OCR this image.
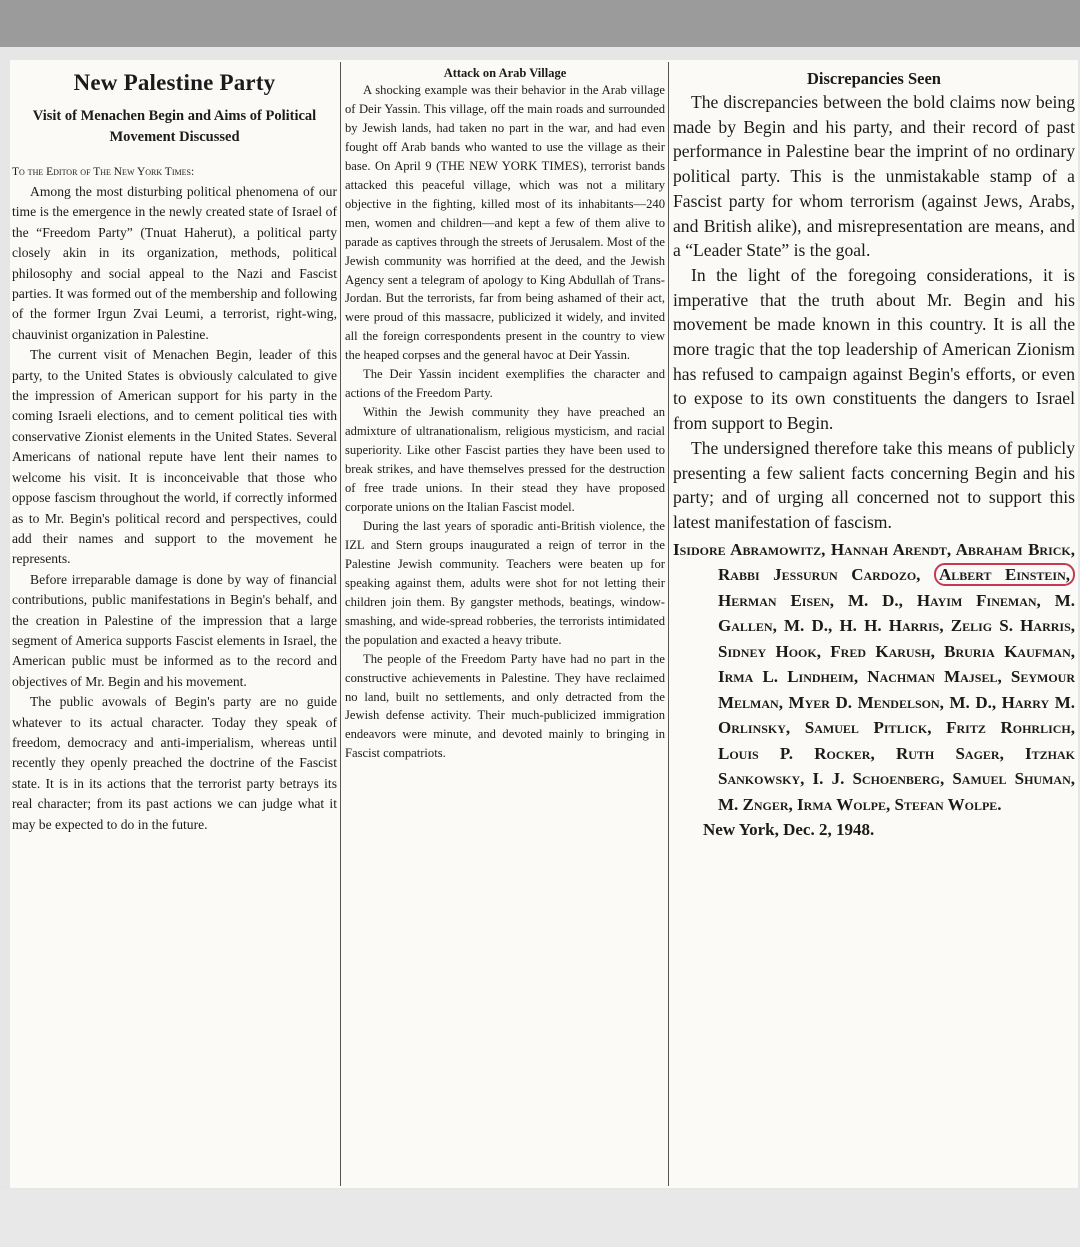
New Palestine Party
Visit of Menachen Begin and Aims of Political Movement Discussed
To the Editor of The New York Times:

Among the most disturbing political phenomena of our time is the emergence in the newly created state of Israel of the “Freedom Party” (Tnuat Haherut), a political party closely akin in its organization, methods, political philosophy and social appeal to the Nazi and Fascist parties. It was formed out of the membership and following of the former Irgun Zvai Leumi, a terrorist, right-wing, chauvinist organization in Palestine.

The current visit of Menachen Begin, leader of this party, to the United States is obviously calculated to give the impression of American support for his party in the coming Israeli elections, and to cement political ties with conservative Zionist elements in the United States. Several Americans of national repute have lent their names to welcome his visit. It is inconceivable that those who oppose fascism throughout the world, if correctly informed as to Mr. Begin's political record and perspectives, could add their names and support to the movement he represents.

Before irreparable damage is done by way of financial contributions, public manifestations in Begin's behalf, and the creation in Palestine of the impression that a large segment of America supports Fascist elements in Israel, the American public must be informed as to the record and objectives of Mr. Begin and his movement.

The public avowals of Begin's party are no guide whatever to its actual character. Today they speak of freedom, democracy and anti-imperialism, whereas until recently they openly preached the doctrine of the Fascist state. It is in its actions that the terrorist party betrays its real character; from its past actions we can judge what it may be expected to do in the future.

Attack on Arab Village

A shocking example was their behavior in the Arab village of Deir Yassin. This village, off the main roads and surrounded by Jewish lands, had taken no part in the war, and had even fought off Arab bands who wanted to use the village as their base. On April 9 (THE NEW YORK TIMES), terrorist bands attacked this peaceful village, which was not a military objective in the fighting, killed most of its inhabitants—240 men, women and children—and kept a few of them alive to parade as captives through the streets of Jerusalem. Most of the Jewish community was horrified at the deed, and the Jewish Agency sent a telegram of apology to King Abdullah of Trans-Jordan. But the terrorists, far from being ashamed of their act, were proud of this massacre, publicized it widely, and invited all the foreign correspondents present in the country to view the heaped corpses and the general havoc at Deir Yassin.

The Deir Yassin incident exemplifies the character and actions of the Freedom Party.

Within the Jewish community they have preached an admixture of ultranationalism, religious mysticism, and racial superiority. Like other Fascist parties they have been used to break strikes, and have themselves pressed for the destruction of free trade unions. In their stead they have proposed corporate unions on the Italian Fascist model.

During the last years of sporadic anti-British violence, the IZL and Stern groups inaugurated a reign of terror in the Palestine Jewish community. Teachers were beaten up for speaking against them, adults were shot for not letting their children join them. By gangster methods, beatings, window-smashing, and wide-spread robberies, the terrorists intimidated the population and exacted a heavy tribute.

The people of the Freedom Party have had no part in the constructive achievements in Palestine. They have reclaimed no land, built no settlements, and only detracted from the Jewish defense activity. Their much-publicized immigration endeavors were minute, and devoted mainly to bringing in Fascist compatriots.

Discrepancies Seen

The discrepancies between the bold claims now being made by Begin and his party, and their record of past performance in Palestine bear the imprint of no ordinary political party. This is the unmistakable stamp of a Fascist party for whom terrorism (against Jews, Arabs, and British alike), and misrepresentation are means, and a “Leader State” is the goal.

In the light of the foregoing considerations, it is imperative that the truth about Mr. Begin and his movement be made known in this country. It is all the more tragic that the top leadership of American Zionism has refused to campaign against Begin's efforts, or even to expose to its own constituents the dangers to Israel from support to Begin.

The undersigned therefore take this means of publicly presenting a few salient facts concerning Begin and his party; and of urging all concerned not to support this latest manifestation of fascism.

Isidore Abramowitz, Hannah Arendt, Abraham Brick, Rabbi Jessurun Cardozo, Albert Einstein, Herman Eisen, M. D., Hayim Fineman, M. Gallen, M. D., H. H. Harris, Zelig S. Harris, Sidney Hook, Fred Karush, Bruria Kaufman, Irma L. Lindheim, Nachman Majsel, Seymour Melman, Myer D. Mendelson, M. D., Harry M. Orlinsky, Samuel Pitlick, Fritz Rohrlich, Louis P. Rocker, Ruth Sager, Itzhak Sankowsky, I. J. Schoenberg, Samuel Shuman, M. Znger, Irma Wolpe, Stefan Wolpe.

New York, Dec. 2, 1948.
